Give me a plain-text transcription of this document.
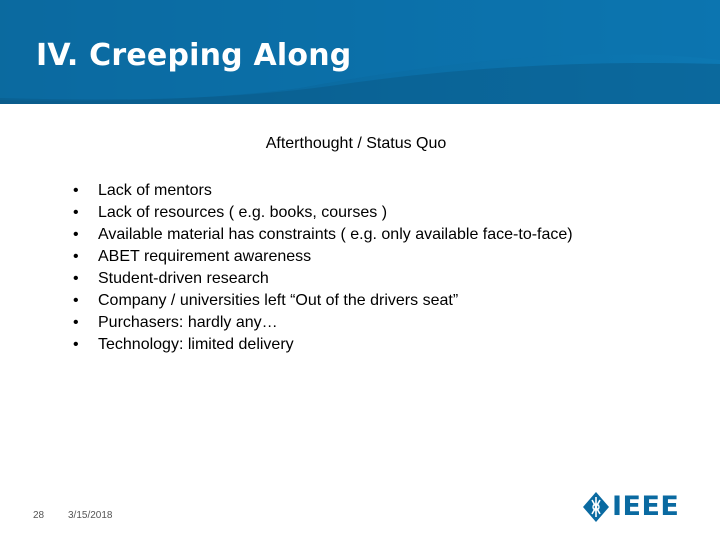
IV. Creeping Along
Afterthought / Status Quo
• Lack of mentors
• Lack of resources ( e.g. books, courses )
• Available material has constraints ( e.g. only available face-to-face)
• ABET requirement awareness
• Student-driven research
• Company / universities left “Out of the drivers seat”
• Purchasers: hardly any…
• Technology: limited delivery
28 3/15/2018	IEEE
